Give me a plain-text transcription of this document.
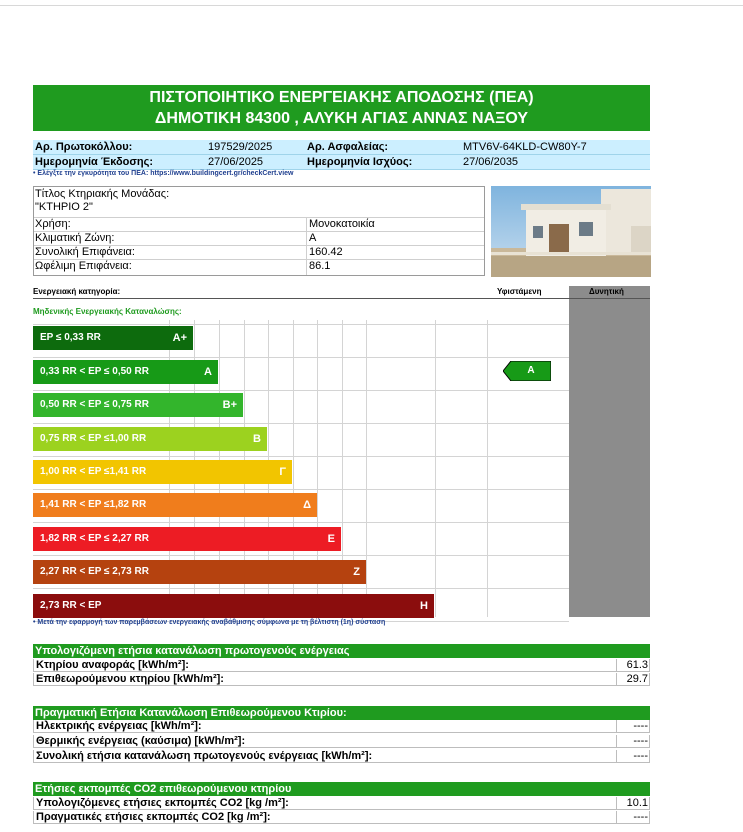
ΠΙΣΤΟΠΟΙΗΤΙΚΟ ΕΝΕΡΓΕΙΑΚΗΣ ΑΠΟΔΟΣΗΣ (ΠΕΑ)
ΔΗΜΟΤΙΚΗ 84300 , ΑΛΥΚΗ ΑΓΙΑΣ ΑΝΝΑΣ ΝΑΞΟΥ
Αρ. Πρωτοκόλλου:	197529/2025	Αρ. Ασφαλείας:	MTV6V-64KLD-CW80Y-7
Ημερομηνία Έκδοσης:	27/06/2025	Ημερομηνία Ισχύος:	27/06/2035
• Ελέγξτε την εγκυρότητα του ΠΕΑ: https://www.buildingcert.gr/checkCert.view
Τίτλος Κτηριακής Μονάδας:
"ΚΤΗΡΙΟ 2"
Χρήση:	Μονοκατοικία
Κλιματική Ζώνη:	A
Συνολική Επιφάνεια:	160.42
Ωφέλιμη Επιφάνεια:	86.1
Ενεργειακή κατηγορία:	Υφιστάμενη	Δυνητική
Μηδενικής Ενεργειακής Καταναλώσης:
EP ≤ 0,33 RR	A+
0,33 RR < EP ≤ 0,50 RR	A
0,50 RR < EP ≤ 0,75 RR	B+
0,75 RR < EP ≤1,00 RR	B
1,00 RR < EP ≤1,41 RR	Γ
1,41 RR < EP ≤1,82 RR	Δ
1,82 RR < EP ≤ 2,27 RR	E
2,27 RR < EP ≤ 2,73 RR	Z
2,73 RR < EP	H
A
• Μετά την εφαρμογή των παρεμβάσεων ενεργειακής αναβάθμισης σύμφωνα με τη βέλτιστη (1η) σύσταση
Υπολογιζόμενη ετήσια κατανάλωση πρωτογενούς ενέργειας
Κτηρίου αναφοράς [kWh/m²]:	61.3
Επιθεωρούμενου κτηρίου [kWh/m²]:	29.7
Πραγματική Ετήσια Κατανάλωση Επιθεωρούμενου Κτιρίου:
Ηλεκτρικής ενέργειας [kWh/m²]:	----
Θερμικής ενέργειας (καύσιμα) [kWh/m²]:	----
Συνολική ετήσια κατανάλωση πρωτογενούς ενέργειας [kWh/m²]:	----
Ετήσιες εκπομπές CO2 επιθεωρούμενου κτηρίου
Υπολογιζόμενες ετήσιες εκπομπές CO2 [kg /m²]:	10.1
Πραγματικές ετήσιες εκπομπές CO2 [kg /m²]:	----
